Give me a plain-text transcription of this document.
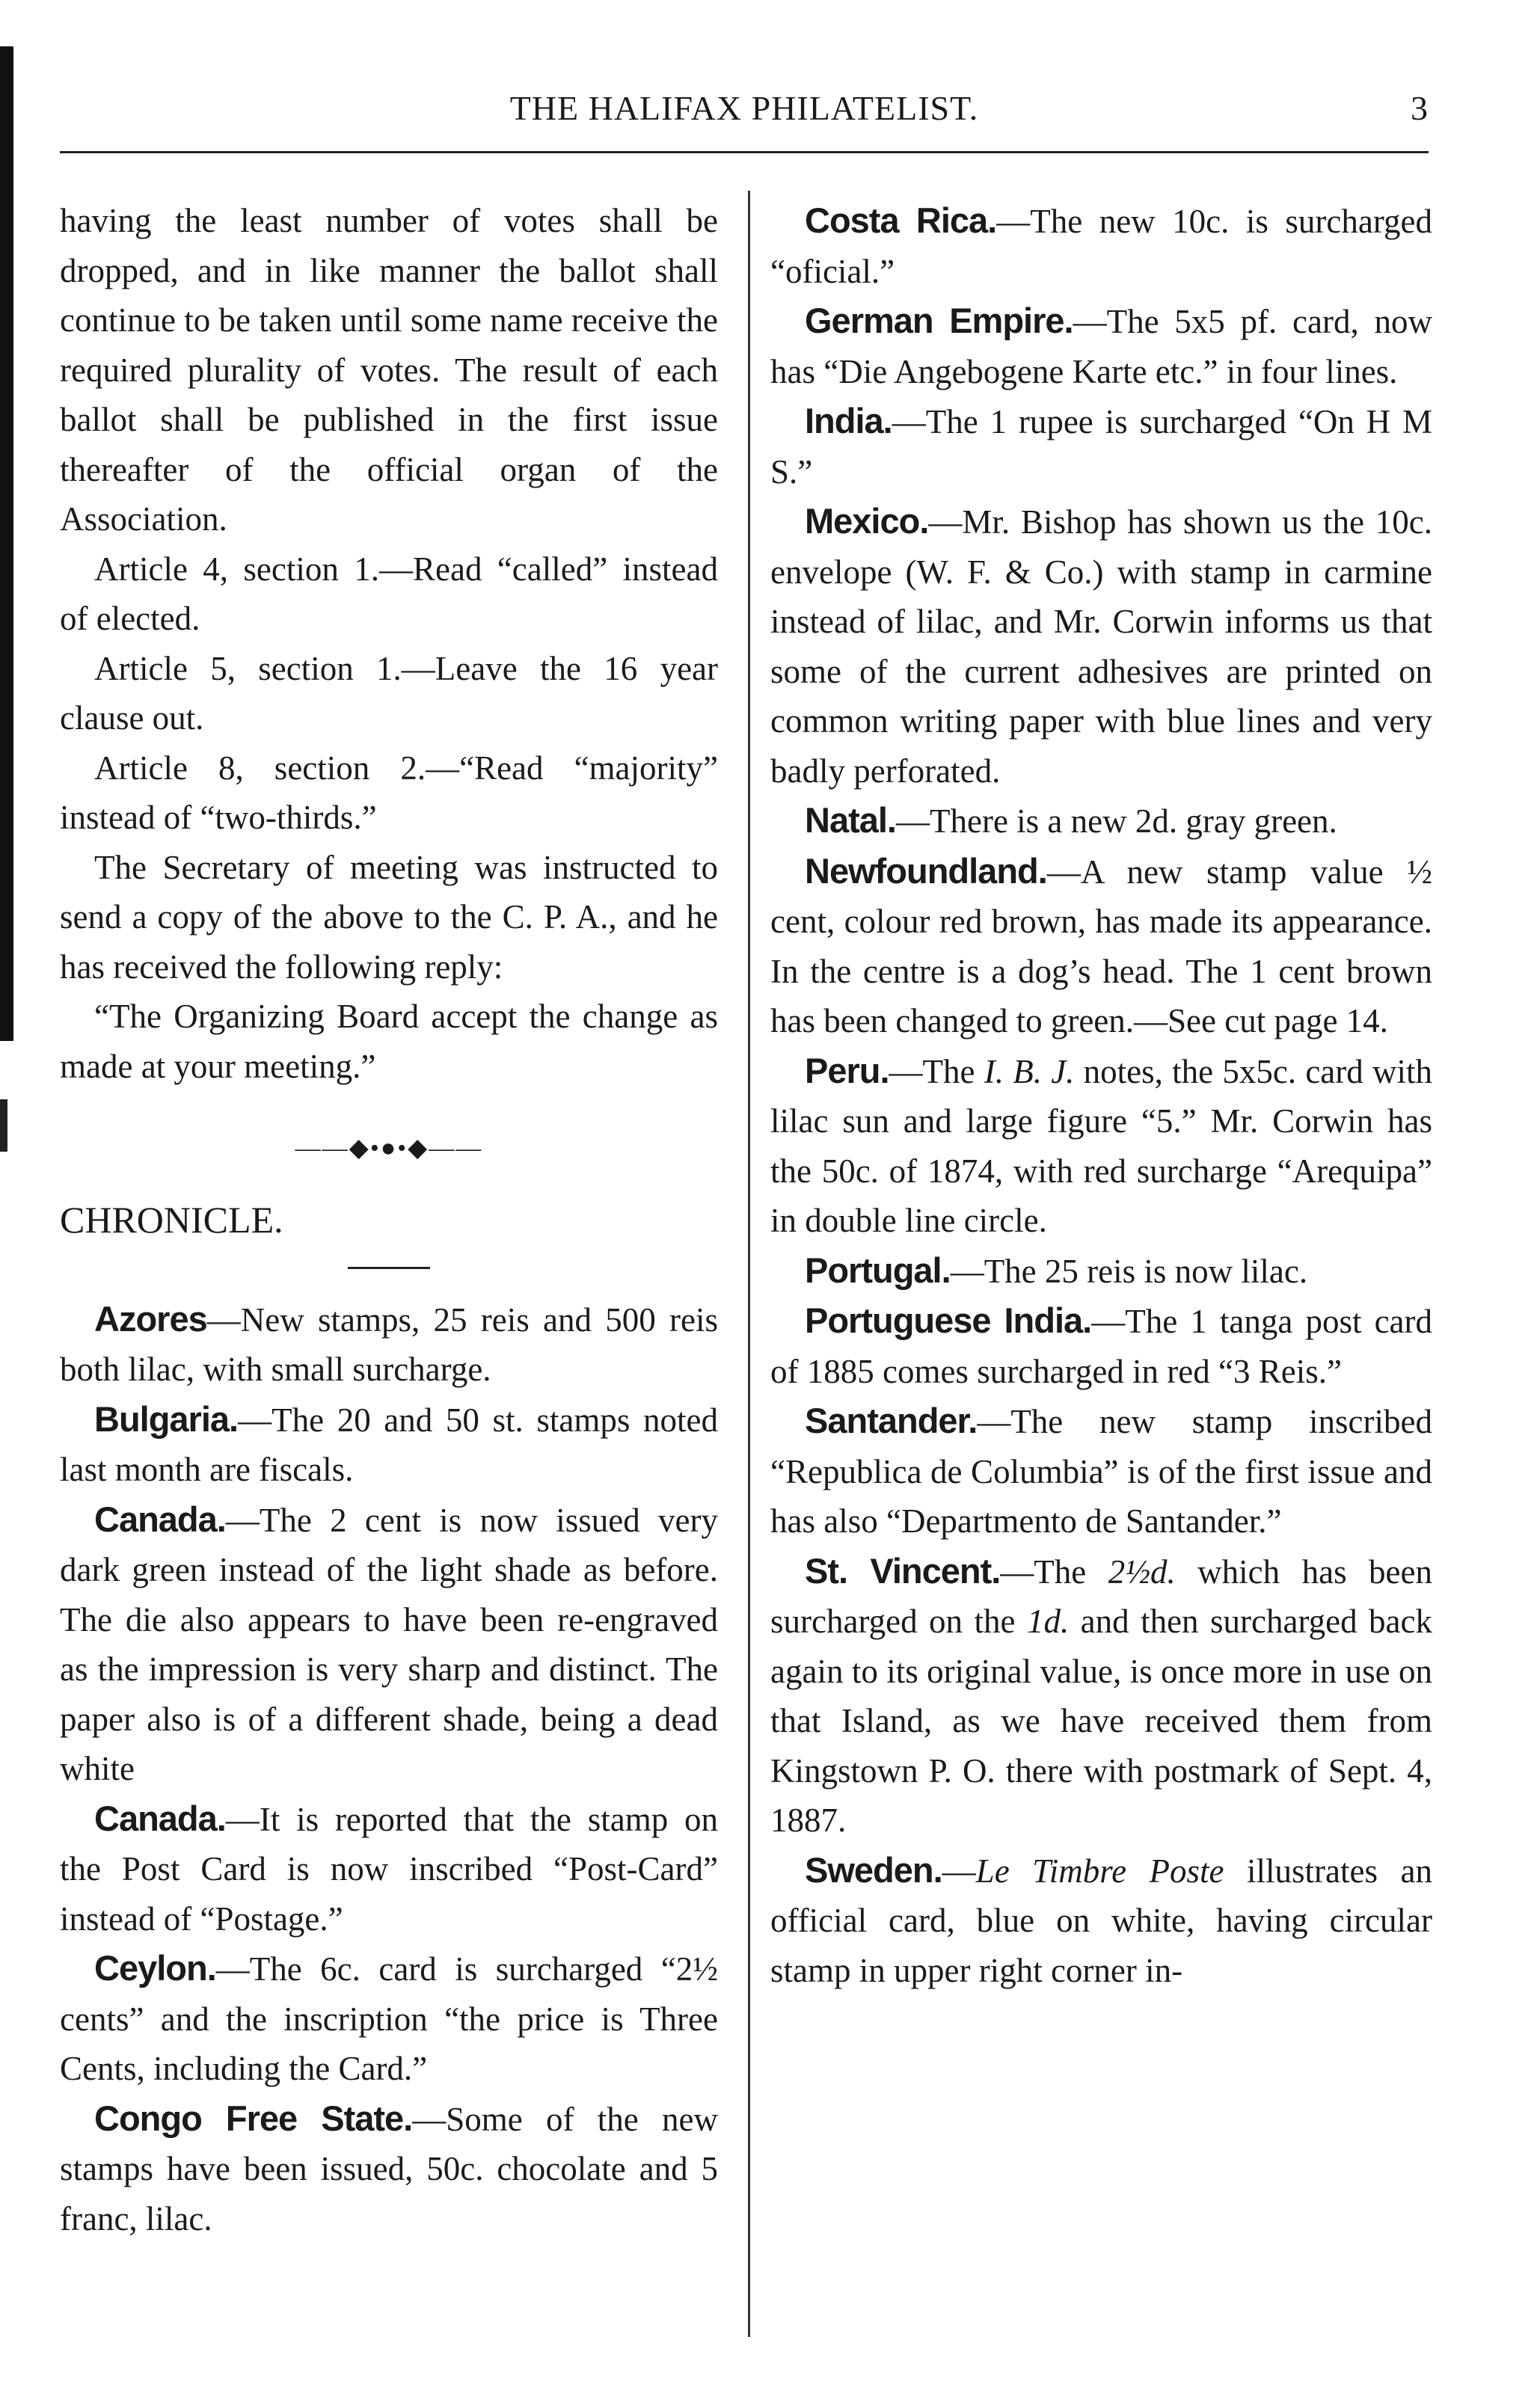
THE HALIFAX PHILATELIST.	3

having the least number of votes shall be dropped, and in like manner the ballot shall continue to be taken until some name receive the required plurality of votes. The result of each ballot shall be published in the first issue thereafter of the official organ of the Association.

Article 4, section 1.—Read “called” instead of elected.

Article 5, section 1.—Leave the 16 year clause out.

Article 8, section 2.—“Read “majority” instead of “two-thirds.”

The Secretary of meeting was instructed to send a copy of the above to the C. P. A., and he has received the following reply:

“The Organizing Board accept the change as made at your meeting.”

——◆•●•◆——

CHRONICLE.

Azores—New stamps, 25 reis and 500 reis both lilac, with small surcharge.

Bulgaria.—The 20 and 50 st. stamps noted last month are fiscals.

Canada.—The 2 cent is now issued very dark green instead of the light shade as before. The die also appears to have been re-engraved as the impression is very sharp and distinct. The paper also is of a different shade, being a dead white

Canada.—It is reported that the stamp on the Post Card is now inscribed “Post-Card” instead of “Postage.”

Ceylon.—The 6c. card is surcharged “2½ cents” and the inscription “the price is Three Cents, including the Card.”

Congo Free State.—Some of the new stamps have been issued, 50c. chocolate and 5 franc, lilac.

Costa Rica.—The new 10c. is surcharged “oficial.”

German Empire.—The 5x5 pf. card, now has “Die Angebogene Karte etc.” in four lines.

India.—The 1 rupee is surcharged “On H M S.”

Mexico.—Mr. Bishop has shown us the 10c. envelope (W. F. & Co.) with stamp in carmine instead of lilac, and Mr. Corwin informs us that some of the current adhesives are printed on common writing paper with blue lines and very badly perforated.

Natal.—There is a new 2d. gray green.

Newfoundland.—A new stamp value ½ cent, colour red brown, has made its appearance. In the centre is a dog’s head. The 1 cent brown has been changed to green.—See cut page 14.

Peru.—The I. B. J. notes, the 5x5c. card with lilac sun and large figure “5.” Mr. Corwin has the 50c. of 1874, with red surcharge “Arequipa” in double line circle.

Portugal.—The 25 reis is now lilac.

Portuguese India.—The 1 tanga post card of 1885 comes surcharged in red “3 Reis.”

Santander.—The new stamp inscribed “Republica de Columbia” is of the first issue and has also “Departmento de Santander.”

St. Vincent.—The 2½d. which has been surcharged on the 1d. and then surcharged back again to its original value, is once more in use on that Island, as we have received them from Kingstown P. O. there with postmark of Sept. 4, 1887.

Sweden.—Le Timbre Poste illustrates an official card, blue on white, having circular stamp in upper right corner in-
